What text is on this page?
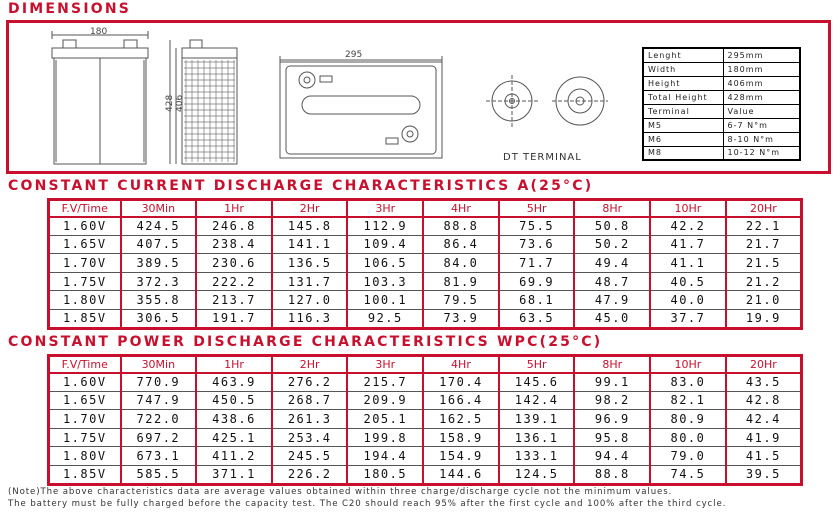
DIMENSIONS
180
428 406
295
DT TERMINAL
Lenght	295mm
Width	180mm
Height	406mm
Total Height	428mm
Terminal	Value
M5	6-7 N°m
M6	8-10 N°m
M8	10-12 N°m
CONSTANT CURRENT DISCHARGE CHARACTERISTICS A(25°C)
F.V/Time	30Min	1Hr	2Hr	3Hr	4Hr	5Hr	8Hr	10Hr	20Hr
1.60V	424.5	246.8	145.8	112.9	88.8	75.5	50.8	42.2	22.1
1.65V	407.5	238.4	141.1	109.4	86.4	73.6	50.2	41.7	21.7
1.70V	389.5	230.6	136.5	106.5	84.0	71.7	49.4	41.1	21.5
1.75V	372.3	222.2	131.7	103.3	81.9	69.9	48.7	40.5	21.2
1.80V	355.8	213.7	127.0	100.1	79.5	68.1	47.9	40.0	21.0
1.85V	306.5	191.7	116.3	92.5	73.9	63.5	45.0	37.7	19.9
CONSTANT POWER DISCHARGE CHARACTERISTICS WPC(25°C)
F.V/Time	30Min	1Hr	2Hr	3Hr	4Hr	5Hr	8Hr	10Hr	20Hr
1.60V	770.9	463.9	276.2	215.7	170.4	145.6	99.1	83.0	43.5
1.65V	747.9	450.5	268.7	209.9	166.4	142.4	98.2	82.1	42.8
1.70V	722.0	438.6	261.3	205.1	162.5	139.1	96.9	80.9	42.4
1.75V	697.2	425.1	253.4	199.8	158.9	136.1	95.8	80.0	41.9
1.80V	673.1	411.2	245.5	194.4	154.9	133.1	94.4	79.0	41.5
1.85V	585.5	371.1	226.2	180.5	144.6	124.5	88.8	74.5	39.5
(Note)The above characteristics data are average values obtained within three charge/discharge cycle not the minimum values.
The battery must be fully charged before the capacity test. The C20 should reach 95% after the first cycle and 100% after the third cycle.
